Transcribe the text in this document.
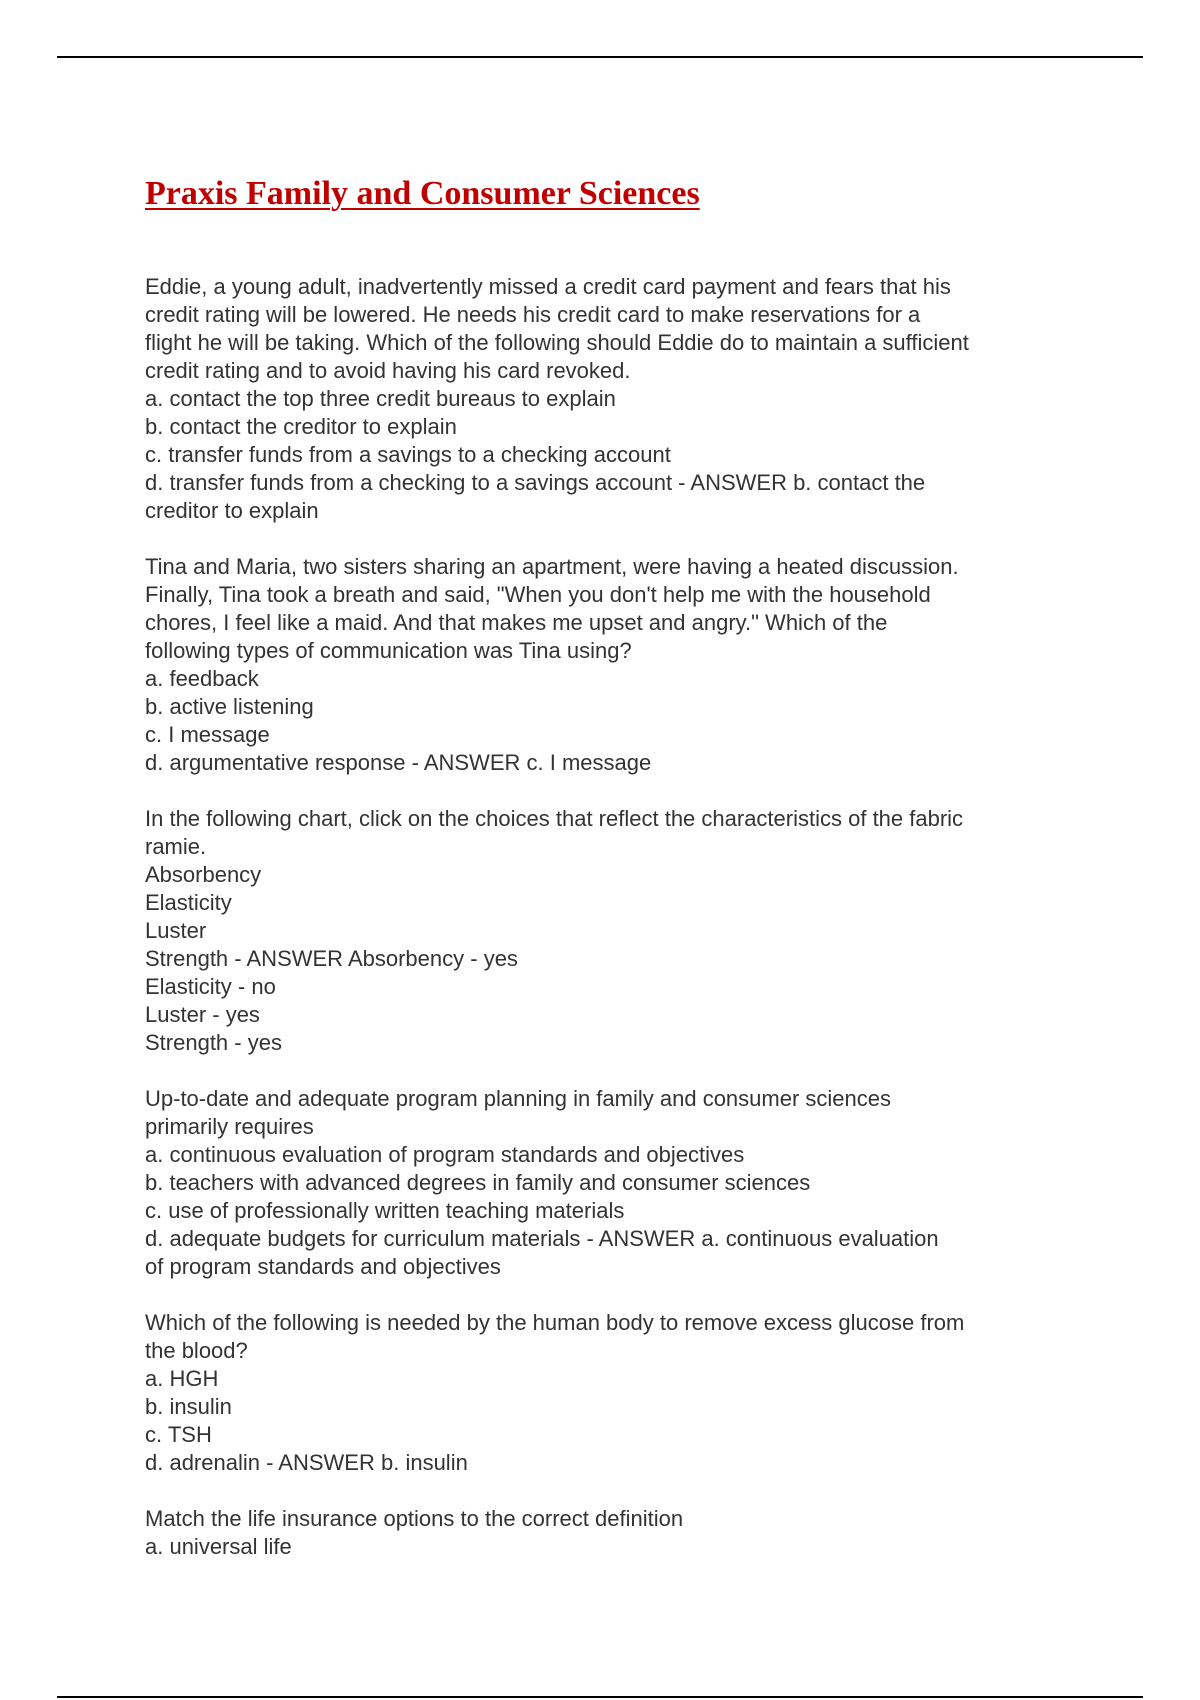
Praxis Family and Consumer Sciences
Eddie, a young adult, inadvertently missed a credit card payment and fears that his
credit rating will be lowered. He needs his credit card to make reservations for a
flight he will be taking. Which of the following should Eddie do to maintain a sufficient
credit rating and to avoid having his card revoked.
a. contact the top three credit bureaus to explain
b. contact the creditor to explain
c. transfer funds from a savings to a checking account
d. transfer funds from a checking to a savings account - ANSWER b. contact the
creditor to explain
Tina and Maria, two sisters sharing an apartment, were having a heated discussion.
Finally, Tina took a breath and said, "When you don't help me with the household
chores, I feel like a maid. And that makes me upset and angry." Which of the
following types of communication was Tina using?
a. feedback
b. active listening
c. I message
d. argumentative response - ANSWER c. I message
In the following chart, click on the choices that reflect the characteristics of the fabric
ramie.
Absorbency
Elasticity
Luster
Strength - ANSWER Absorbency - yes
Elasticity - no
Luster - yes
Strength - yes
Up-to-date and adequate program planning in family and consumer sciences
primarily requires
a. continuous evaluation of program standards and objectives
b. teachers with advanced degrees in family and consumer sciences
c. use of professionally written teaching materials
d. adequate budgets for curriculum materials - ANSWER a. continuous evaluation
of program standards and objectives
Which of the following is needed by the human body to remove excess glucose from
the blood?
a. HGH
b. insulin
c. TSH
d. adrenalin - ANSWER b. insulin
Match the life insurance options to the correct definition
a. universal life
